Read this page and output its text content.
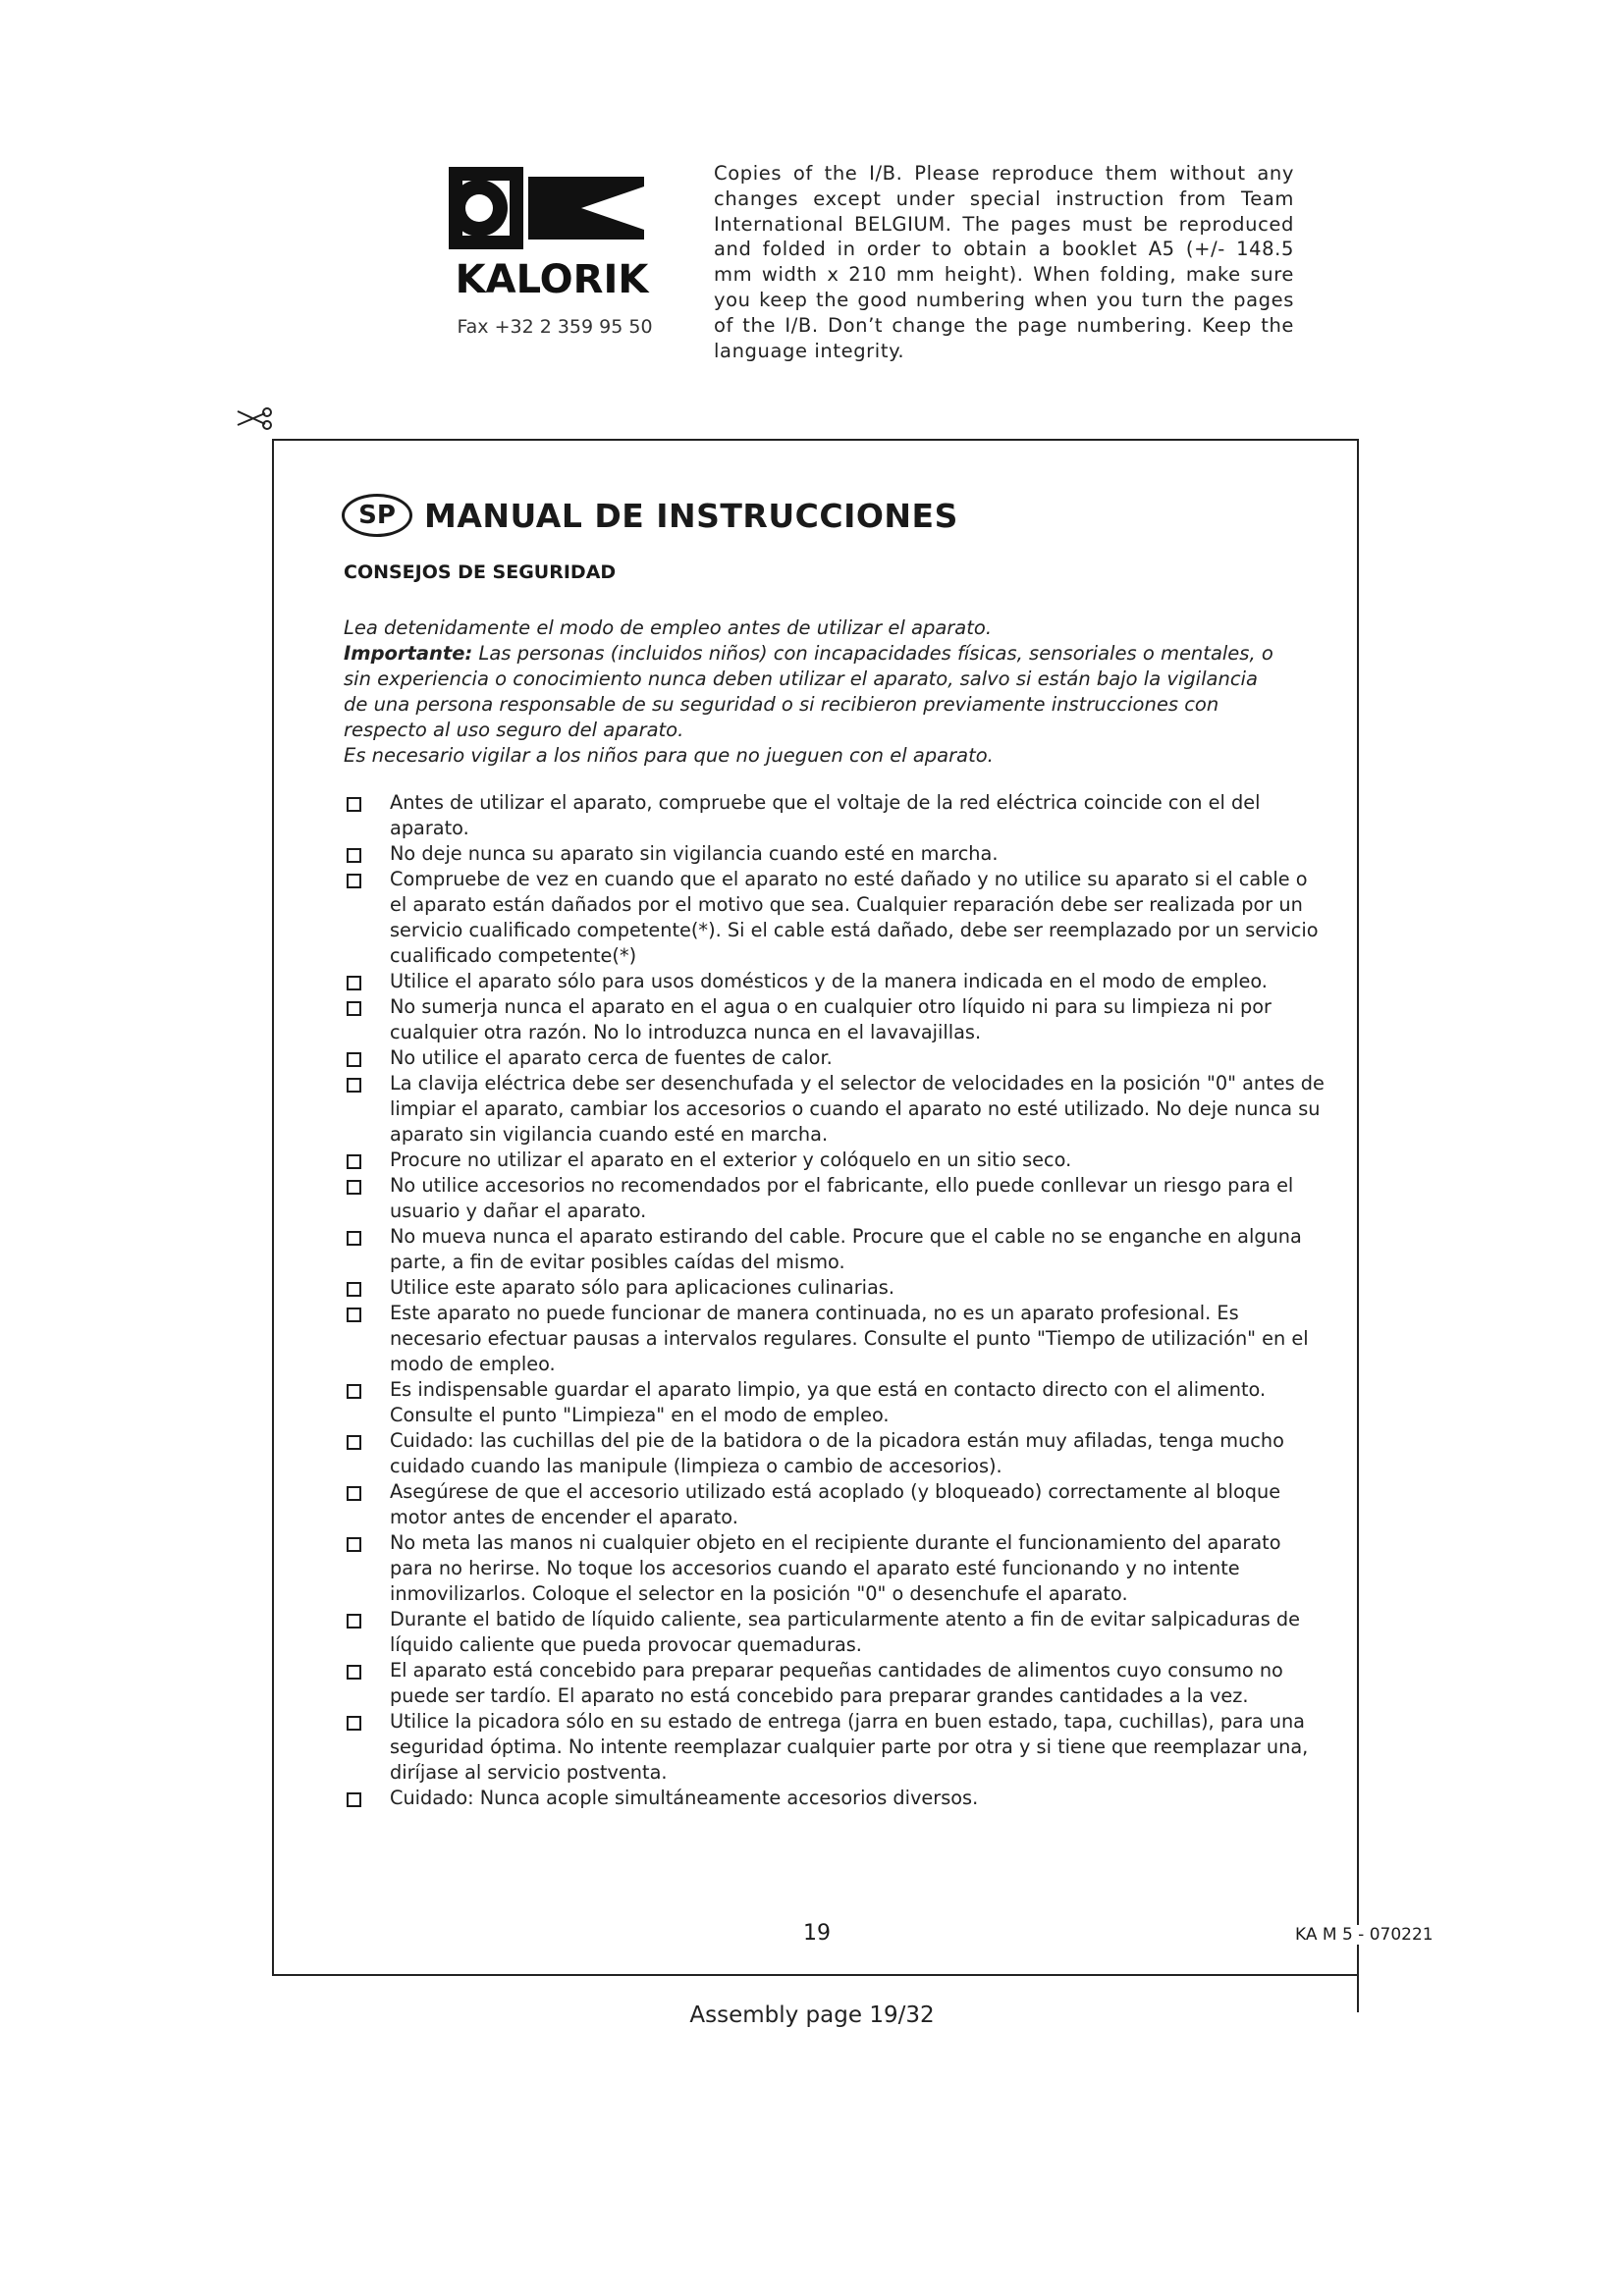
KALORIK
Fax +32 2 359 95 50
Copies of the I/B. Please reproduce them without any changes except under special instruction from Team International BELGIUM. The pages must be reproduced and folded in order to obtain a booklet A5 (+/- 148.5 mm width x 210 mm height). When folding, make sure you keep the good numbering when you turn the pages of the I/B. Don’t change the page numbering. Keep the language integrity.
SP MANUAL DE INSTRUCCIONES
CONSEJOS DE SEGURIDAD

Lea detenidamente el modo de empleo antes de utilizar el aparato.

Importante: Las personas (incluidos niños) con incapacidades físicas, sensoriales o mentales, o sin experiencia o conocimiento nunca deben utilizar el aparato, salvo si están bajo la vigilancia de una persona responsable de su seguridad o si recibieron previamente instrucciones con respecto al uso seguro del aparato.

Es necesario vigilar a los niños para que no jueguen con el aparato.

Antes de utilizar el aparato, compruebe que el voltaje de la red eléctrica coincide con el del aparato.
No deje nunca su aparato sin vigilancia cuando esté en marcha.
Compruebe de vez en cuando que el aparato no esté dañado y no utilice su aparato si el cable o el aparato están dañados por el motivo que sea. Cualquier reparación debe ser realizada por un servicio cualificado competente(*). Si el cable está dañado, debe ser reemplazado por un servicio cualificado competente(*)
Utilice el aparato sólo para usos domésticos y de la manera indicada en el modo de empleo.
No sumerja nunca el aparato en el agua o en cualquier otro líquido ni para su limpieza ni por cualquier otra razón. No lo introduzca nunca en el lavavajillas.
No utilice el aparato cerca de fuentes de calor.
La clavija eléctrica debe ser desenchufada y el selector de velocidades en la posición "0" antes de limpiar el aparato, cambiar los accesorios o cuando el aparato no esté utilizado. No deje nunca su aparato sin vigilancia cuando esté en marcha.
Procure no utilizar el aparato en el exterior y colóquelo en un sitio seco.
No utilice accesorios no recomendados por el fabricante, ello puede conllevar un riesgo para el usuario y dañar el aparato.
No mueva nunca el aparato estirando del cable. Procure que el cable no se enganche en alguna parte, a fin de evitar posibles caídas del mismo.
Utilice este aparato sólo para aplicaciones culinarias.
Este aparato no puede funcionar de manera continuada, no es un aparato profesional. Es necesario efectuar pausas a intervalos regulares. Consulte el punto "Tiempo de utilización" en el modo de empleo.
Es indispensable guardar el aparato limpio, ya que está en contacto directo con el alimento. Consulte el punto "Limpieza" en el modo de empleo.
Cuidado: las cuchillas del pie de la batidora o de la picadora están muy afiladas, tenga mucho cuidado cuando las manipule (limpieza o cambio de accesorios).
Asegúrese de que el accesorio utilizado está acoplado (y bloqueado) correctamente al bloque motor antes de encender el aparato.
No meta las manos ni cualquier objeto en el recipiente durante el funcionamiento del aparato para no herirse. No toque los accesorios cuando el aparato esté funcionando y no intente inmovilizarlos. Coloque el selector en la posición "0" o desenchufe el aparato.
Durante el batido de líquido caliente, sea particularmente atento a fin de evitar salpicaduras de líquido caliente que pueda provocar quemaduras.
El aparato está concebido para preparar pequeñas cantidades de alimentos cuyo consumo no puede ser tardío. El aparato no está concebido para preparar grandes cantidades a la vez.
Utilice la picadora sólo en su estado de entrega (jarra en buen estado, tapa, cuchillas), para una seguridad óptima. No intente reemplazar cualquier parte por otra y si tiene que reemplazar una, diríjase al servicio postventa.
Cuidado: Nunca acople simultáneamente accesorios diversos.
19	KA M 5 - 070221
Assembly page 19/32
